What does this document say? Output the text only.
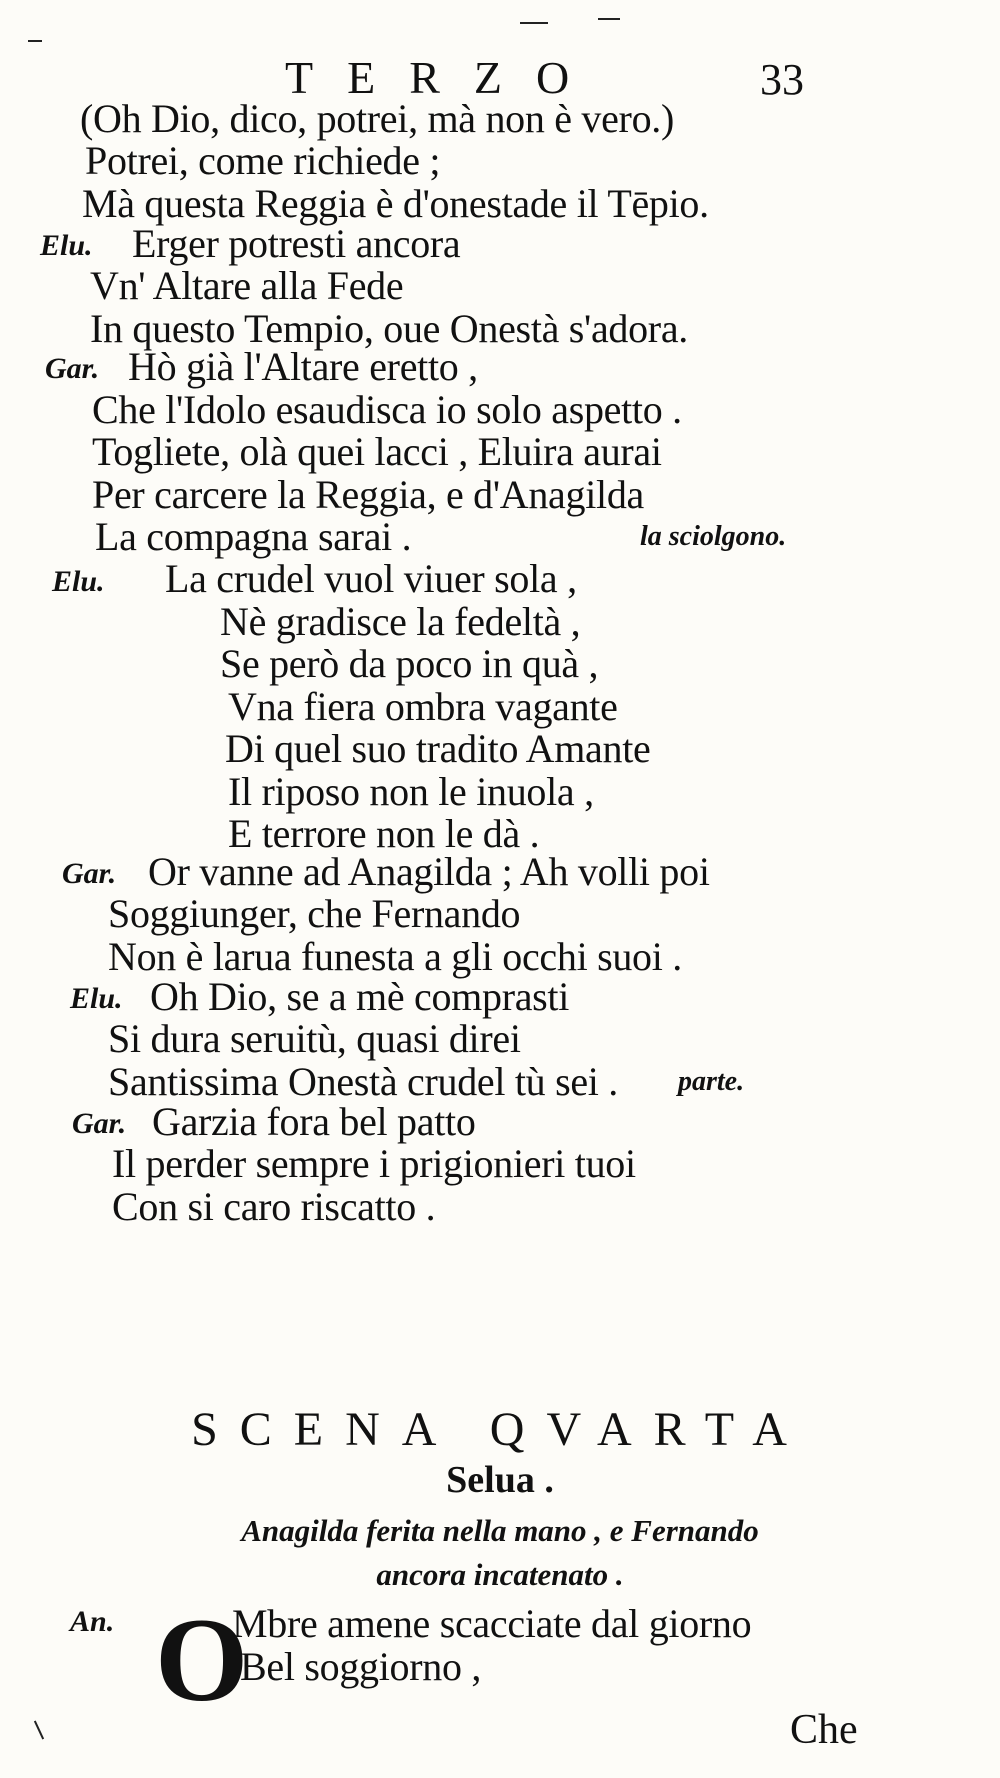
TERZO	33
(Oh Dio, dico, potrei, mà non è vero.)
Potrei, come richiede ;
Mà questa Reggia è d'onestade il Tēpio.
Elu. Erger potresti ancora
Vn' Altare alla Fede
In questo Tempio, oue Onestà s'adora.
Gar. Hò già l'Altare eretto ,
Che l'Idolo esaudisca io solo aspetto .
Togliete, olà quei lacci , Eluira aurai
Per carcere la Reggia, e d'Anagilda
La compagna sarai .	la sciolgono.
Elu. La crudel vuol viuer sola ,
Nè gradisce la fedeltà ,
Se però da poco in quà ,
Vna fiera ombra vagante
Di quel suo tradito Amante
Il riposo non le inuola ,
E terrore non le dà .
Gar. Or vanne ad Anagilda ; Ah volli poi
Soggiunger, che Fernando
Non è larua funesta a gli occhi suoi .
Elu. Oh Dio, se a mè comprasti
Si dura seruitù, quasi direi
Santissima Onestà crudel tù sei . parte.
Gar. Garzia fora bel patto
Il perder sempre i prigionieri tuoi
Con si caro riscatto .
SCENA QVARTA
Selua .
Anagilda ferita nella mano , e Fernando
ancora incatenato .
An. O
Mbre amene scacciate dal giorno
Bel soggiorno ,
Che
